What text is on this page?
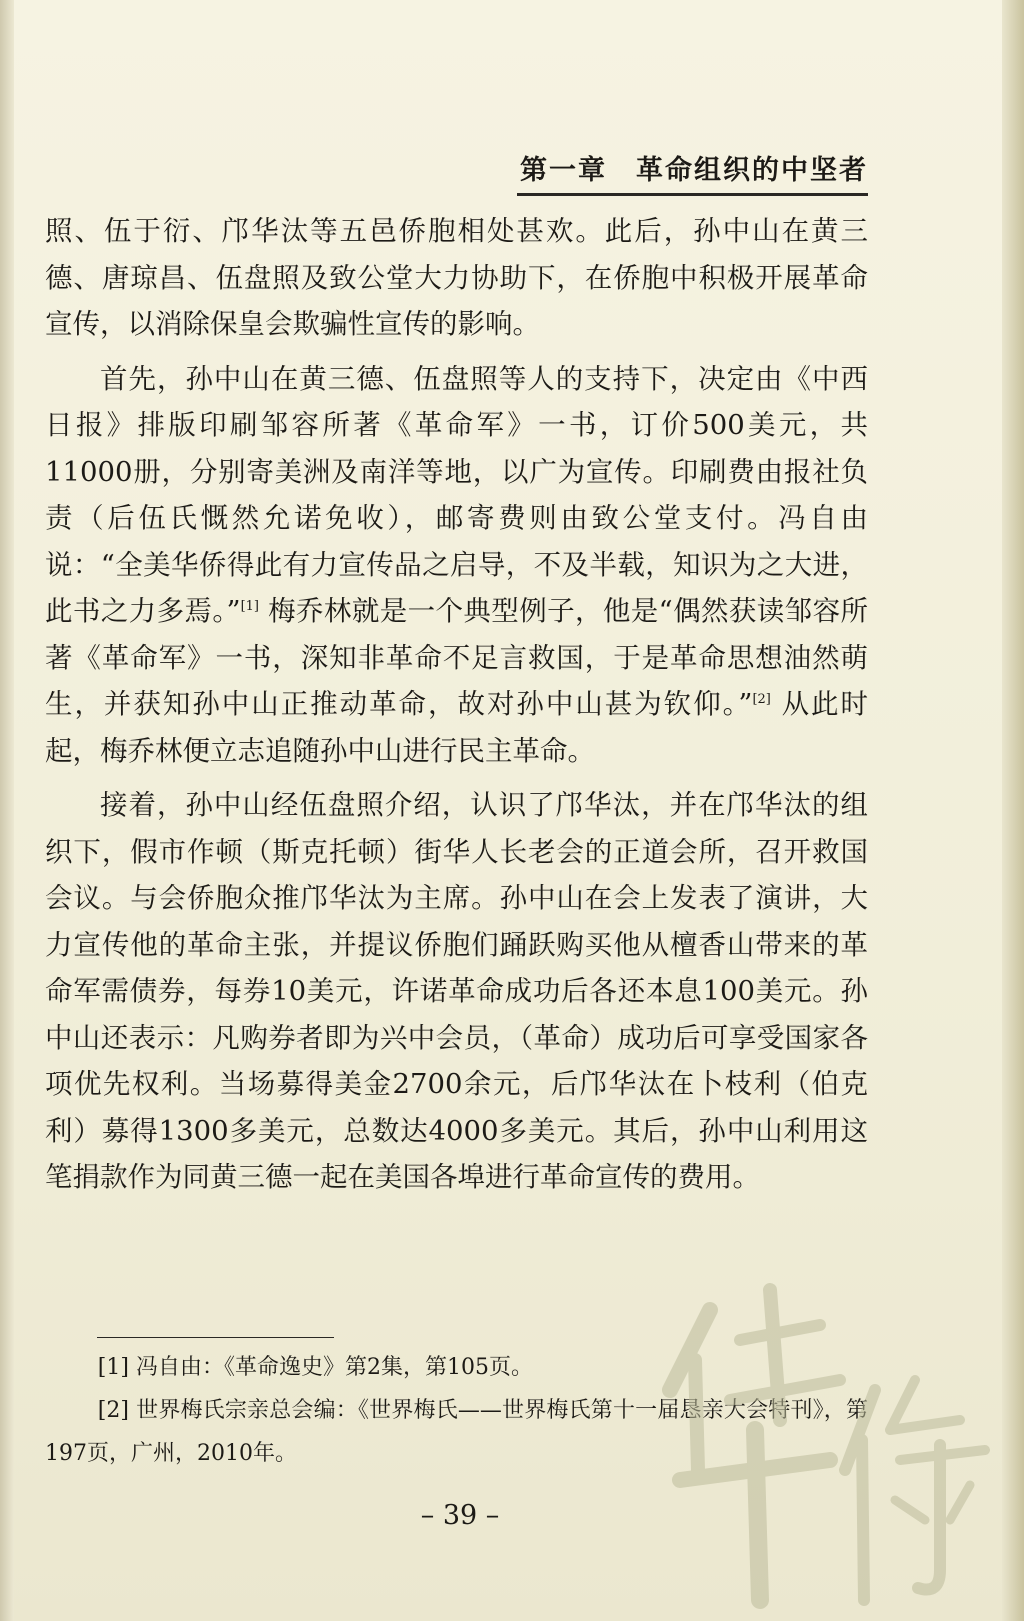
第一章　革命组织的中坚者

照、伍于衍、邝华汰等五邑侨胞相处甚欢。此后，孙中山在黄三德、唐琼昌、伍盘照及致公堂大力协助下，在侨胞中积极开展革命宣传，以消除保皇会欺骗性宣传的影响。

首先，孙中山在黄三德、伍盘照等人的支持下，决定由《中西日报》排版印刷邹容所著《革命军》一书，订价500美元，共11000册，分别寄美洲及南洋等地，以广为宣传。印刷费由报社负责（后伍氏慨然允诺免收），邮寄费则由致公堂支付。冯自由说：“全美华侨得此有力宣传品之启导，不及半载，知识为之大进，此书之力多焉。”[1] 梅乔林就是一个典型例子，他是“偶然获读邹容所著《革命军》一书，深知非革命不足言救国，于是革命思想油然萌生，并获知孙中山正推动革命，故对孙中山甚为钦仰。”[2] 从此时起，梅乔林便立志追随孙中山进行民主革命。

接着，孙中山经伍盘照介绍，认识了邝华汰，并在邝华汰的组织下，假市作顿（斯克托顿）街华人长老会的正道会所，召开救国会议。与会侨胞众推邝华汰为主席。孙中山在会上发表了演讲，大力宣传他的革命主张，并提议侨胞们踊跃购买他从檀香山带来的革命军需债券，每券10美元，许诺革命成功后各还本息100美元。孙中山还表示：凡购券者即为兴中会员，（革命）成功后可享受国家各项优先权利。当场募得美金2700余元，后邝华汰在卜枝利（伯克利）募得1300多美元，总数达4000多美元。其后，孙中山利用这笔捐款作为同黄三德一起在美国各埠进行革命宣传的费用。

[1] 冯自由：《革命逸史》第2集，第105页。

[2] 世界梅氏宗亲总会编：《世界梅氏——世界梅氏第十一届恳亲大会特刊》，第197页，广州，2010年。

– 39 –
